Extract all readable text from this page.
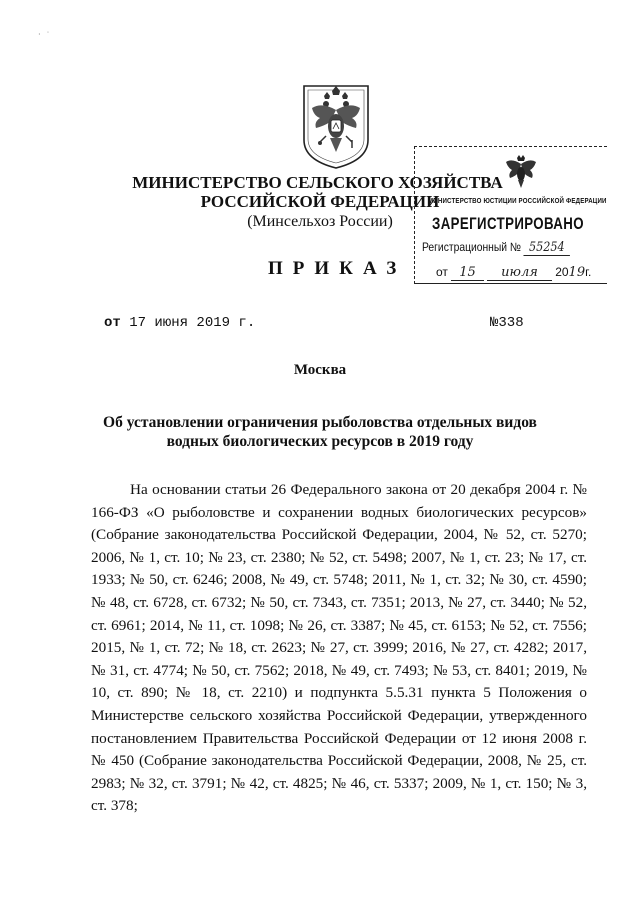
·   ˙
МИНИСТЕРСТВО СЕЛЬСКОГО ХОЗЯЙСТВА
РОССИЙСКОЙ ФЕДЕРАЦИИ
(Минсельхоз России)
МИНИСТЕРСТВО ЮСТИЦИИ РОССИЙСКОЙ ФЕДЕРАЦИИ
ЗАРЕГИСТРИРОВАНО
Регистрационный № 55254
от 15 июля 2019г.
ПРИКАЗ
от 17 июня 2019 г.	№338
Москва
Об установлении ограничения рыболовства отдельных видов
водных биологических ресурсов в 2019 году

На основании статьи 26 Федерального закона от 20 декабря 2004 г. № 166-ФЗ «О рыболовстве и сохранении водных биологических ресурсов» (Собрание законодательства Российской Федерации, 2004, № 52, ст. 5270; 2006, № 1, ст. 10; № 23, ст. 2380; № 52, ст. 5498; 2007, № 1, ст. 23; № 17, ст. 1933; № 50, ст. 6246; 2008, № 49, ст. 5748; 2011, № 1, ст. 32; № 30, ст. 4590; № 48, ст. 6728, ст. 6732; № 50, ст. 7343, ст. 7351; 2013, № 27, ст. 3440; № 52, ст. 6961; 2014, № 11, ст. 1098; № 26, ст. 3387; № 45, ст. 6153; № 52, ст. 7556; 2015, № 1, ст. 72; № 18, ст. 2623; № 27, ст. 3999; 2016, № 27, ст. 4282; 2017, № 31, ст. 4774; № 50, ст. 7562; 2018, № 49, ст. 7493; № 53, ст. 8401; 2019, № 10, ст. 890; № 18, ст. 2210) и подпункта 5.5.31 пункта 5 Положения о Министерстве сельского хозяйства Российской Федерации, утвержденного постановлением Правительства Российской Федерации от 12 июня 2008 г. № 450 (Собрание законодательства Российской Федерации, 2008, № 25, ст. 2983; № 32, ст. 3791; № 42, ст. 4825; № 46, ст. 5337; 2009, № 1, ст. 150; № 3, ст. 378;
